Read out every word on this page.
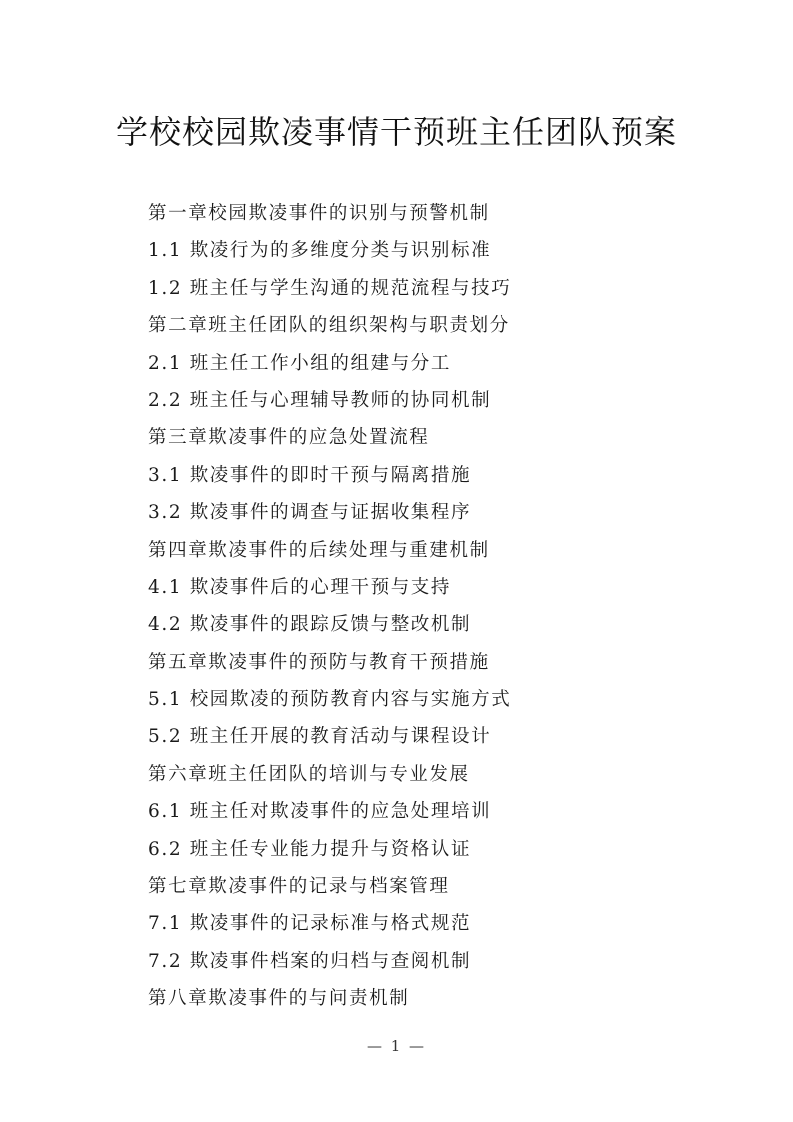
学校校园欺凌事情干预班主任团队预案
第一章校园欺凌事件的识别与预警机制
1.1 欺凌行为的多维度分类与识别标准
1.2 班主任与学生沟通的规范流程与技巧
第二章班主任团队的组织架构与职责划分
2.1 班主任工作小组的组建与分工
2.2 班主任与心理辅导教师的协同机制
第三章欺凌事件的应急处置流程
3.1 欺凌事件的即时干预与隔离措施
3.2 欺凌事件的调查与证据收集程序
第四章欺凌事件的后续处理与重建机制
4.1 欺凌事件后的心理干预与支持
4.2 欺凌事件的跟踪反馈与整改机制
第五章欺凌事件的预防与教育干预措施
5.1 校园欺凌的预防教育内容与实施方式
5.2 班主任开展的教育活动与课程设计
第六章班主任团队的培训与专业发展
6.1 班主任对欺凌事件的应急处理培训
6.2 班主任专业能力提升与资格认证
第七章欺凌事件的记录与档案管理
7.1 欺凌事件的记录标准与格式规范
7.2 欺凌事件档案的归档与查阅机制
第八章欺凌事件的与问责机制
— 1 —
